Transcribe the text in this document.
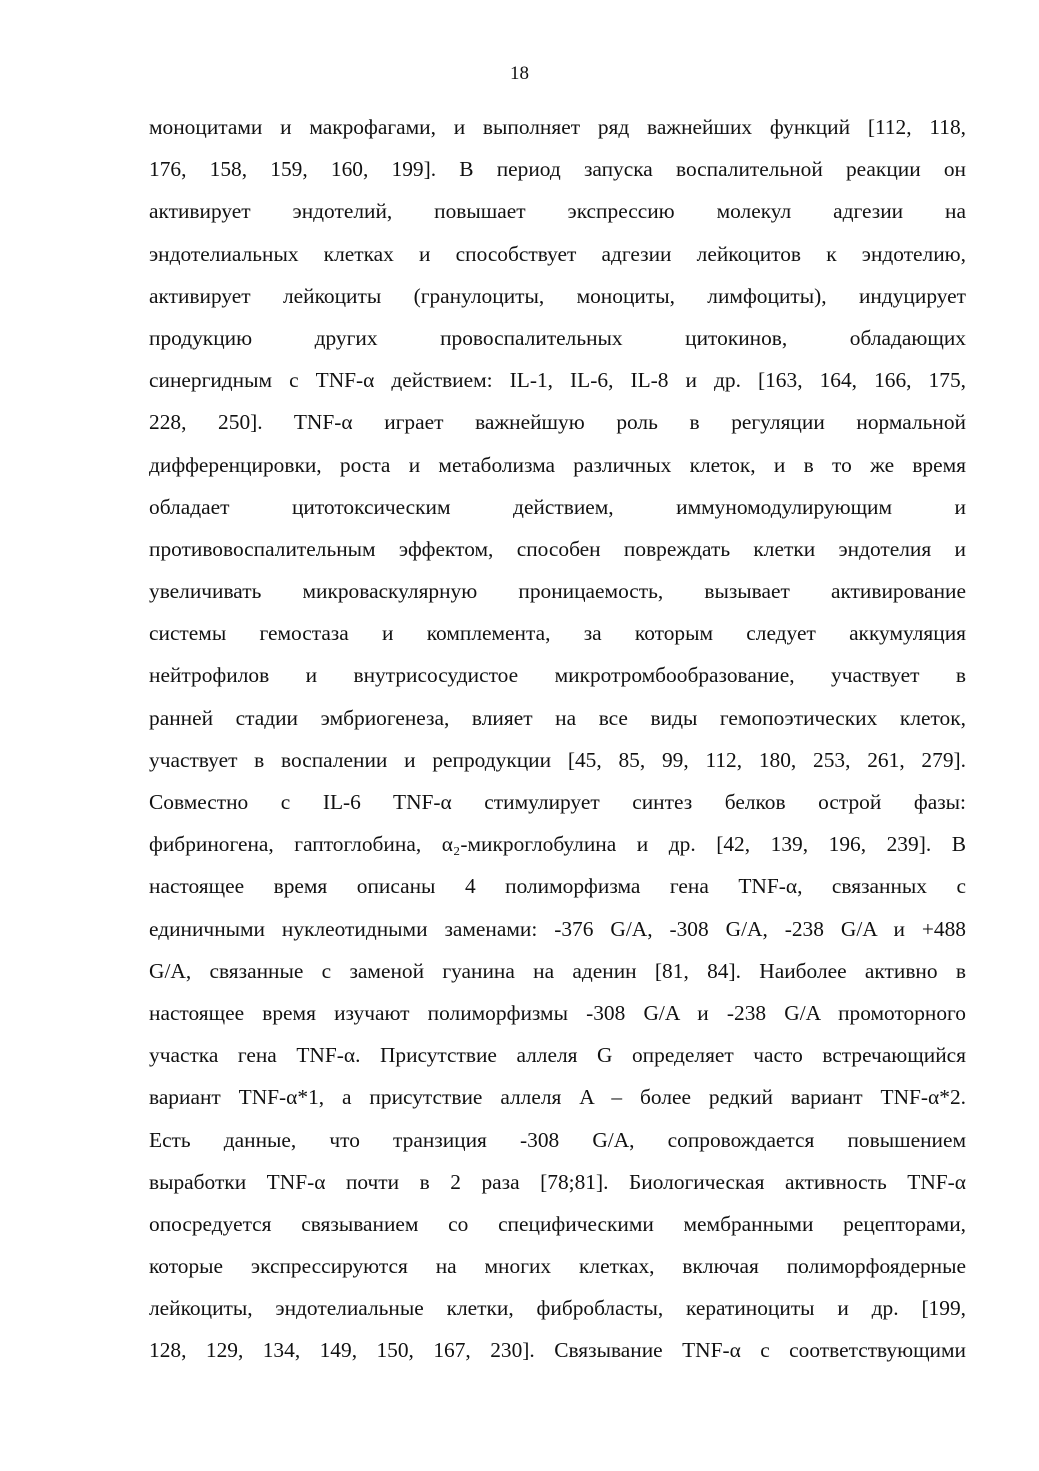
18
моноцитами и макрофагами, и выполняет ряд важнейших функций [112, 118,
176, 158, 159, 160, 199]. В период запуска воспалительной реакции он
активирует эндотелий, повышает экспрессию молекул адгезии на
эндотелиальных клетках и способствует адгезии лейкоцитов к эндотелию,
активирует лейкоциты (гранулоциты, моноциты, лимфоциты), индуцирует
продукцию других провоспалительных цитокинов, обладающих
синергидным с TNF-α действием: IL-1, IL-6, IL-8 и др. [163, 164, 166, 175,
228, 250]. TNF-α играет важнейшую роль в регуляции нормальной
дифференцировки, роста и метаболизма различных клеток, и в то же время
обладает цитотоксическим действием, иммуномодулирующим и
противовоспалительным эффектом, способен повреждать клетки эндотелия и
увеличивать микроваскулярную проницаемость, вызывает активирование
системы гемостаза и комплемента, за которым следует аккумуляция
нейтрофилов и внутрисосудистое микротромбообразование, участвует в
ранней стадии эмбриогенеза, влияет на все виды гемопоэтических клеток,
участвует в воспалении и репродукции [45, 85, 99, 112, 180, 253, 261, 279].
Совместно с IL-6 TNF-α стимулирует синтез белков острой фазы:
фибриногена, гаптоглобина, α₂-микроглобулина и др. [42, 139, 196, 239]. В
настоящее время описаны 4 полиморфизма гена TNF-α, связанных с
единичными нуклеотидными заменами: -376 G/A, -308 G/A, -238 G/A и +488
G/A, связанные с заменой гуанина на аденин [81, 84]. Наиболее активно в
настоящее время изучают полиморфизмы -308 G/A и -238 G/A промоторного
участка гена TNF-α. Присутствие аллеля G определяет часто встречающийся
вариант TNF-α*1, а присутствие аллеля A – более редкий вариант TNF-α*2.
Есть данные, что транзиция -308 G/A, сопровождается повышением
выработки TNF-α почти в 2 раза [78;81]. Биологическая активность TNF-α
опосредуется связыванием со специфическими мембранными рецепторами,
которые экспрессируются на многих клетках, включая полиморфоядерные
лейкоциты, эндотелиальные клетки, фибробласты, кератиноциты и др. [199,
128, 129, 134, 149, 150, 167, 230]. Связывание TNF-α с соответствующими
